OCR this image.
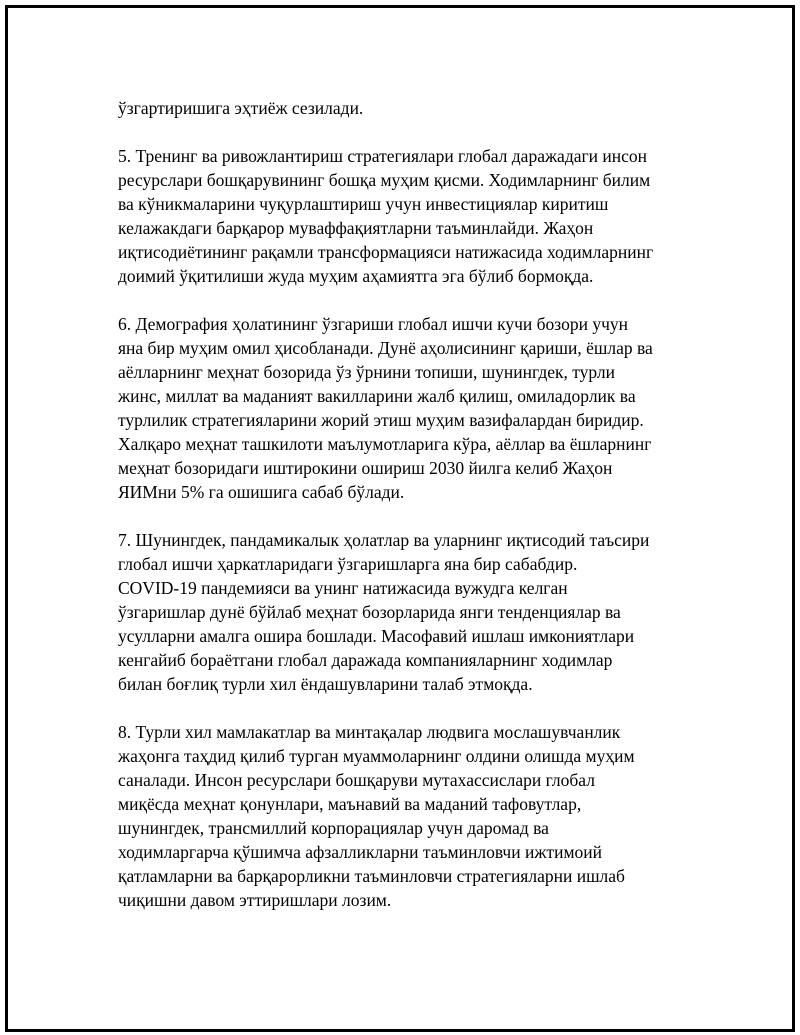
ўзгартиришига эҳтиёж сезилади.
5. Тренинг ва ривожлантириш стратегиялари глобал даражадаги инсон
ресурслари бошқарувининг бошқа муҳим қисми. Ходимларнинг билим
ва кўникмаларини чуқурлаштириш учун инвестициялар киритиш
келажакдаги барқарор муваффақиятларни таъминлайди. Жаҳон
иқтисодиётининг рақамли трансформацияси натижасида ходимларнинг
доимий ўқитилиши жуда муҳим аҳамиятга эга бўлиб бормоқда.
6. Демография ҳолатининг ўзгариши глобал ишчи кучи бозори учун
яна бир муҳим омил ҳисобланади. Дунё аҳолисининг қариши, ёшлар ва
аёлларнинг меҳнат бозорида ўз ўрнини топиши, шунингдек, турли
жинс, миллат ва маданият вакилларини жалб қилиш, омиладорлик ва
турлилик стратегияларини жорий этиш муҳим вазифалардан биридир.
Халқаро меҳнат ташкилоти маълумотларига кўра, аёллар ва ёшларнинг
меҳнат бозоридаги иштирокини ошириш 2030 йилга келиб Жаҳон
ЯИМни 5% га ошишига сабаб бўлади.
7. Шунингдек, пандамикалык ҳолатлар ва уларнинг иқтисодий таъсири
глобал ишчи ҳаркатларидаги ўзгаришларга яна бир сабабдир.
COVID-19 пандемияси ва унинг натижасида вужудга келган
ўзгаришлар дунё бўйлаб меҳнат бозорларида янги тенденциялар ва
усулларни амалга ошира бошлади. Масофавий ишлаш имкониятлари
кенгайиб бораётгани глобал даражада компанияларнинг ходимлар
билан боғлиқ турли хил ёндашувларини талаб этмоқда.
8. Турли хил мамлакатлар ва минтақалар людвига мослашувчанлик
жаҳонга таҳдид қилиб турган муаммоларнинг олдини олишда муҳим
саналади. Инсон ресурслари бошқаруви мутахассислари глобал
миқёсда меҳнат қонунлари, маънавий ва маданий тафовутлар,
шунингдек, трансмиллий корпорациялар учун даромад ва
ходимларгарча қўшимча афзалликларни таъминловчи ижтимоий
қатламларни ва барқарорликни таъминловчи стратегияларни ишлаб
чиқишни давом эттиришлари лозим.
